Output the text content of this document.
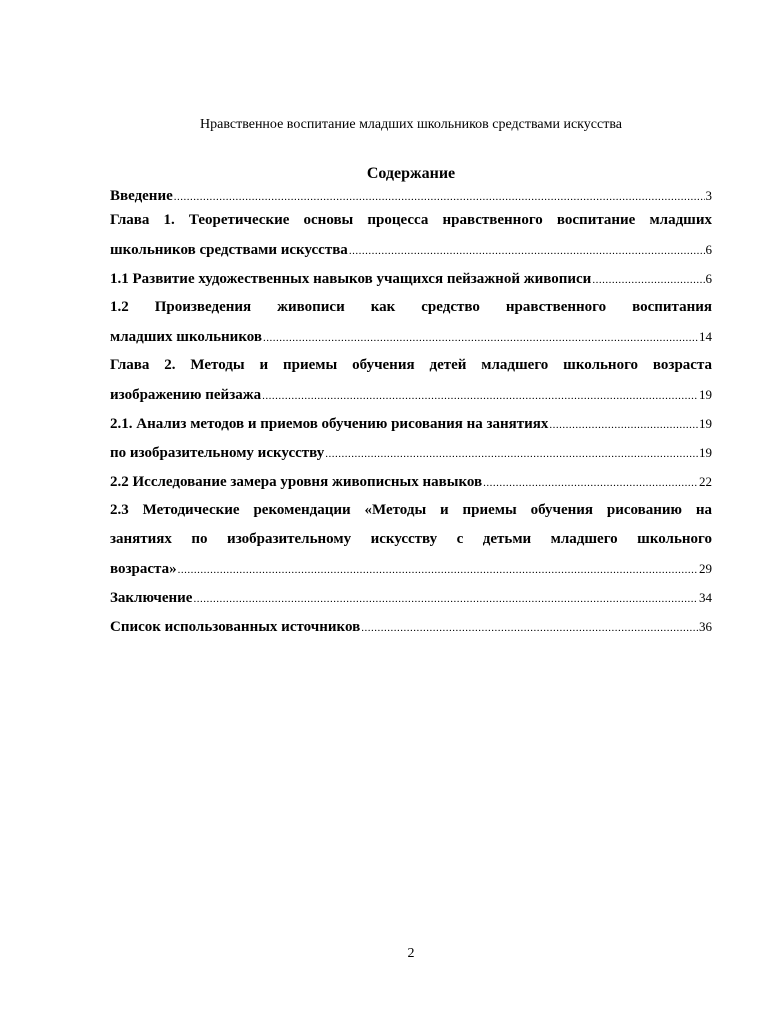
Нравственное воспитание младших школьников средствами искусства
Содержание
Введение .....	3
Глава 1. Теоретические основы процесса нравственного воспитание младших
школьников средствами искусства .....	6
1.1 Развитие художественных навыков учащихся пейзажной живописи .....	6
1.2 Произведения живописи как средство нравственного воспитания
младших школьников .....	14
Глава 2. Методы и приемы обучения детей младшего школьного возраста
изображению пейзажа .....	19
2.1. Анализ методов и приемов обучению рисования на занятиях .....	19
по изобразительному искусству .....	19
2.2 Исследование замера уровня живописных навыков .....	22
2.3 Методические рекомендации «Методы и приемы обучения рисованию на
занятиях по изобразительному искусству с детьми младшего школьного
возраста» .....	29
Заключение .....	34
Список использованных источников .....	36
2
